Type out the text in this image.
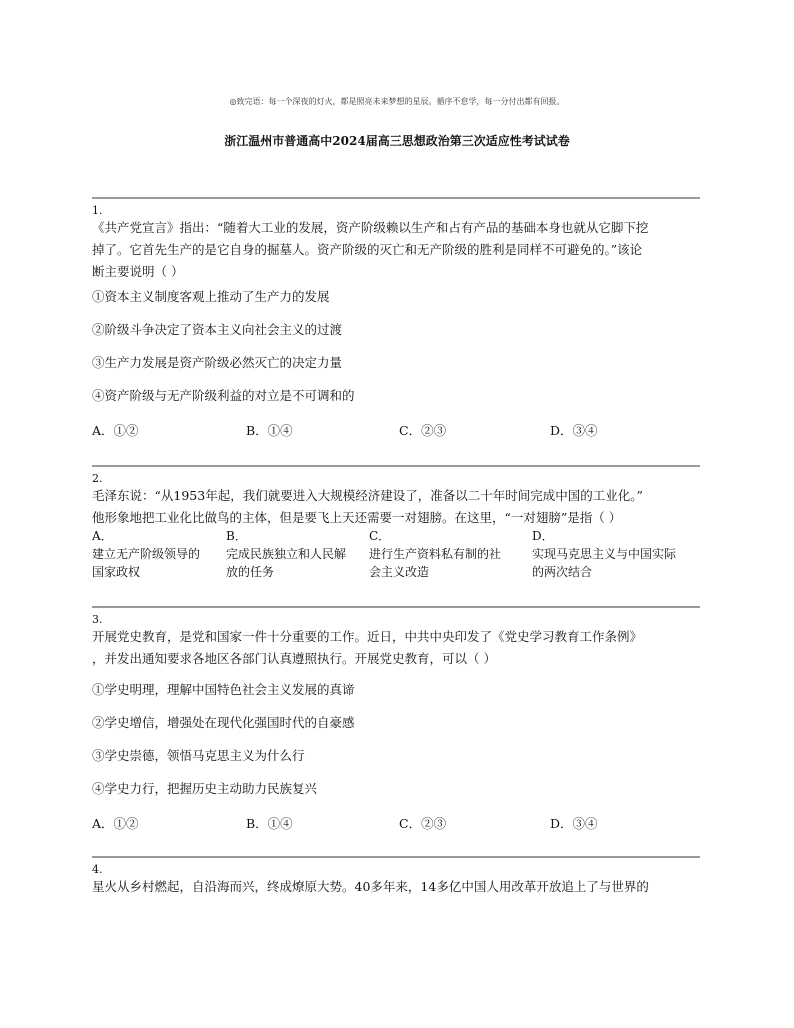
◎致完语：每一个深夜的灯火，都是照亮未来梦想的星辰。循序不怠学，每一分付出都有回报。
浙江温州市普通高中2024届高三思想政治第三次适应性考试试卷
1.
《共产党宣言》指出：“随着大工业的发展，资产阶级赖以生产和占有产品的基础本身也就从它脚下挖
掉了。它首先生产的是它自身的掘墓人。资产阶级的灭亡和无产阶级的胜利是同样不可避免的。”该论
断主要说明（ ）
①资本主义制度客观上推动了生产力的发展
②阶级斗争决定了资本主义向社会主义的过渡
③生产力发展是资产阶级必然灭亡的决定力量
④资产阶级与无产阶级利益的对立是不可调和的
A．①②	B．①④	C．②③	D．③④
2.
毛泽东说：“从1953年起，我们就要进入大规模经济建设了，准备以二十年时间完成中国的工业化。”
他形象地把工业化比做鸟的主体，但是要飞上天还需要一对翅膀。在这里，“一对翅膀”是指（ ）
A．
建立无产阶级领导的
国家政权
B．
完成民族独立和人民解
放的任务
C．
进行生产资料私有制的社
会主义改造
D．
实现马克思主义与中国实际
的两次结合
3.
开展党史教育，是党和国家一件十分重要的工作。近日，中共中央印发了《党史学习教育工作条例》
，并发出通知要求各地区各部门认真遵照执行。开展党史教育，可以（ ）
①学史明理，理解中国特色社会主义发展的真谛
②学史增信，增强处在现代化强国时代的自豪感
③学史崇德，领悟马克思主义为什么行
④学史力行，把握历史主动助力民族复兴
A．①②	B．①④	C．②③	D．③④
4.
星火从乡村燃起，自沿海而兴，终成燎原大势。40多年来，14多亿中国人用改革开放追上了与世界的
